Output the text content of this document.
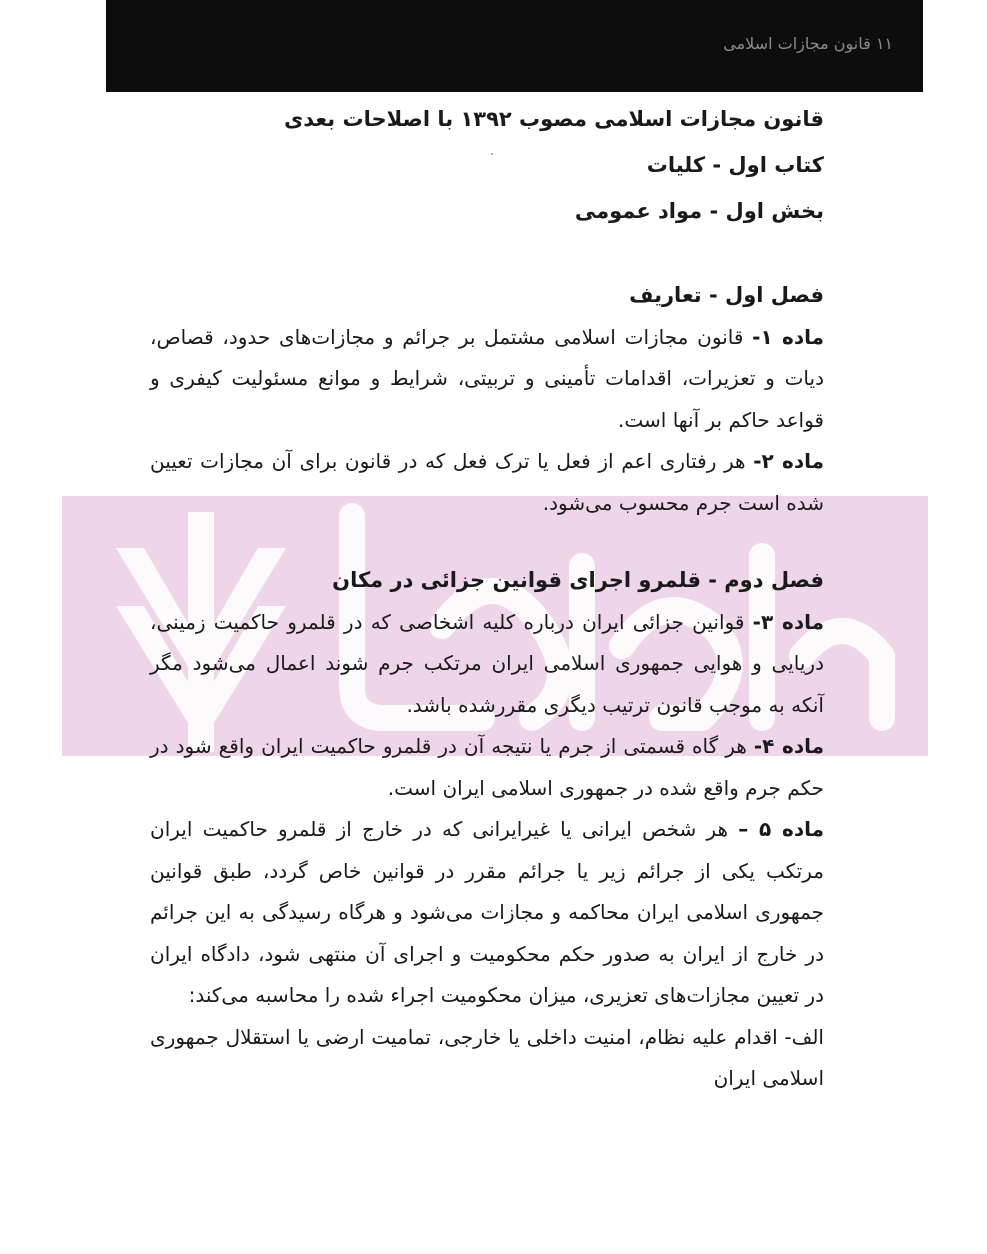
۱۱ قانون مجازات اسلامی
قانون مجازات اسلامی مصوب ۱۳۹۲ با اصلاحات بعدی
کتاب اول - کلیات
بخش اول - مواد عمومی
فصل اول - تعاریف

ماده ۱- قانون مجازات اسلامی مشتمل بر جرائم و مجازات‌های حدود، قصاص، دیات و تعزیرات، اقدامات تأمینی و تربیتی، شرایط و موانع مسئولیت کیفری و قواعد حاکم بر آنها است.

ماده ۲- هر رفتاری اعم از فعل یا ترک فعل که در قانون برای آن مجازات تعیین شده است جرم محسوب می‌شود.

فصل دوم - قلمرو اجرای قوانین جزائی در مکان

ماده ۳- قوانین جزائی ایران درباره کلیه اشخاصی که در قلمرو حاکمیت زمینی، دریایی و هوایی جمهوری اسلامی ایران مرتکب جرم شوند اعمال می‌شود مگر آنکه به موجب قانون ترتیب دیگری مقررشده باشد.

ماده ۴- هر گاه قسمتی از جرم یا نتیجه آن در قلمرو حاکمیت ایران واقع شود در حکم جرم واقع شده در جمهوری اسلامی ایران است.

ماده ۵ – هر شخص ایرانی یا غیرایرانی که در خارج از قلمرو حاکمیت ایران مرتکب یکی از جرائم زیر یا جرائم مقرر در قوانین خاص گردد، طبق قوانین جمهوری اسلامی ایران محاکمه و مجازات می‌شود و هرگاه رسیدگی به این جرائم در خارج از ایران به صدور حکم محکومیت و اجرای آن منتهی شود، دادگاه ایران در تعیین مجازات‌های تعزیری، میزان محکومیت اجراء شده را محاسبه می‌کند:

الف- اقدام علیه نظام، امنیت داخلی یا خارجی، تمامیت ارضی یا استقلال جمهوری اسلامی ایران
